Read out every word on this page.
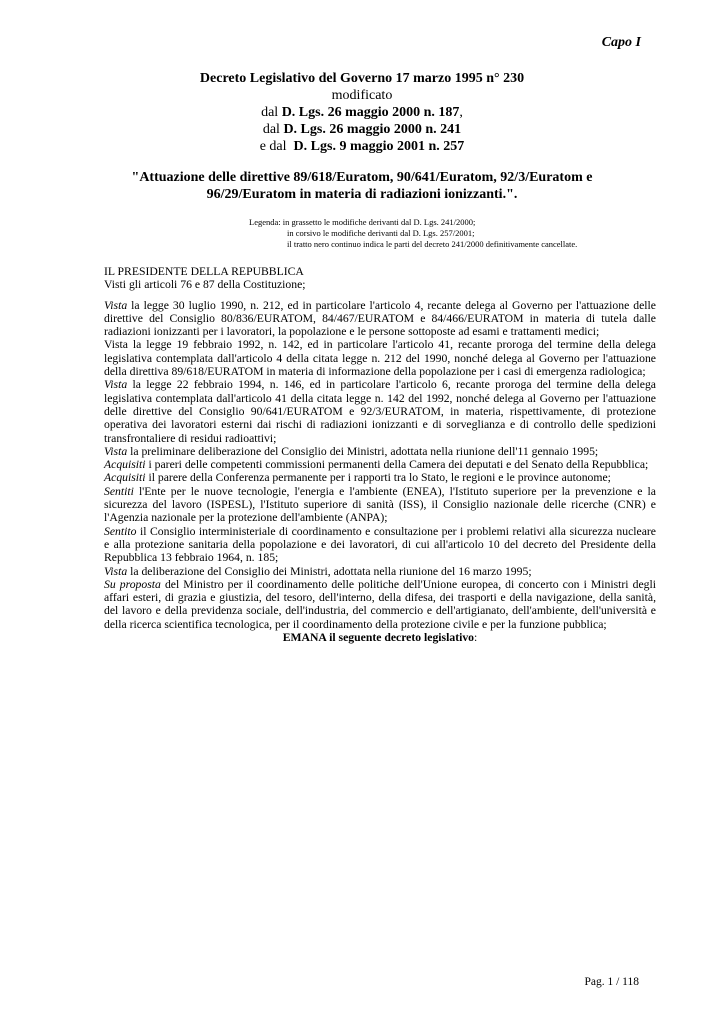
Capo I
Decreto Legislativo del Governo 17 marzo 1995 n° 230
modificato
dal D. Lgs. 26 maggio 2000 n. 187,
dal D. Lgs. 26 maggio 2000 n. 241
e dal  D. Lgs. 9 maggio 2001 n. 257
"Attuazione delle direttive 89/618/Euratom, 90/641/Euratom, 92/3/Euratom e
96/29/Euratom in materia di radiazioni ionizzanti.".
Legenda: in grassetto le modifiche derivanti dal D. Lgs. 241/2000;
in corsivo le modifiche derivanti dal D. Lgs. 257/2001;
il tratto nero continuo indica le parti del decreto 241/2000 definitivamente cancellate.

IL PRESIDENTE DELLA REPUBBLICA

Visti gli articoli 76 e 87 della Costituzione;

Vista la legge 30 luglio 1990, n. 212, ed in particolare l'articolo 4, recante delega al Governo per l'attuazione delle direttive del Consiglio 80/836/EURATOM, 84/467/EURATOM e 84/466/EURATOM in materia di tutela dalle radiazioni ionizzanti per i lavoratori, la popolazione e le persone sottoposte ad esami e trattamenti medici;

Vista la legge 19 febbraio 1992, n. 142, ed in particolare l'articolo 41, recante proroga del termine della delega legislativa contemplata dall'articolo 4 della citata legge n. 212 del 1990, nonché delega al Governo per l'attuazione della direttiva 89/618/EURATOM in materia di informazione della popolazione per i casi di emergenza radiologica;

Vista la legge 22 febbraio 1994, n. 146, ed in particolare l'articolo 6, recante proroga del termine della delega legislativa contemplata dall'articolo 41 della citata legge n. 142 del 1992, nonché delega al Governo per l'attuazione delle direttive del Consiglio 90/641/EURATOM e 92/3/EURATOM, in materia, rispettivamente, di protezione operativa dei lavoratori esterni dai rischi di radiazioni ionizzanti e di sorveglianza e di controllo delle spedizioni transfrontaliere di residui radioattivi;

Vista la preliminare deliberazione del Consiglio dei Ministri, adottata nella riunione dell'11 gennaio 1995;

Acquisiti i pareri delle competenti commissioni permanenti della Camera dei deputati e del Senato della Repubblica;

Acquisiti il parere della Conferenza permanente per i rapporti tra lo Stato, le regioni e le province autonome;

Sentiti l'Ente per le nuove tecnologie, l'energia e l'ambiente (ENEA), l'Istituto superiore per la prevenzione e la sicurezza del lavoro (ISPESL), l'Istituto superiore di sanità (ISS), il Consiglio nazionale delle ricerche (CNR) e l'Agenzia nazionale per la protezione dell'ambiente (ANPA);

Sentito il Consiglio interministeriale di coordinamento e consultazione per i problemi relativi alla sicurezza nucleare e alla protezione sanitaria della popolazione e dei lavoratori, di cui all'articolo 10 del decreto del Presidente della Repubblica 13 febbraio 1964, n. 185;

Vista la deliberazione del Consiglio dei Ministri, adottata nella riunione del 16 marzo 1995;

Su proposta del Ministro per il coordinamento delle politiche dell'Unione europea, di concerto con i Ministri degli affari esteri, di grazia e giustizia, del tesoro, dell'interno, della difesa, dei trasporti e della navigazione, della sanità, del lavoro e della previdenza sociale, dell'industria, del commercio e dell'artigianato, dell'ambiente, dell'università e della ricerca scientifica tecnologica, per il coordinamento della protezione civile e per la funzione pubblica;

EMANA il seguente decreto legislativo:

Pag. 1 / 118
